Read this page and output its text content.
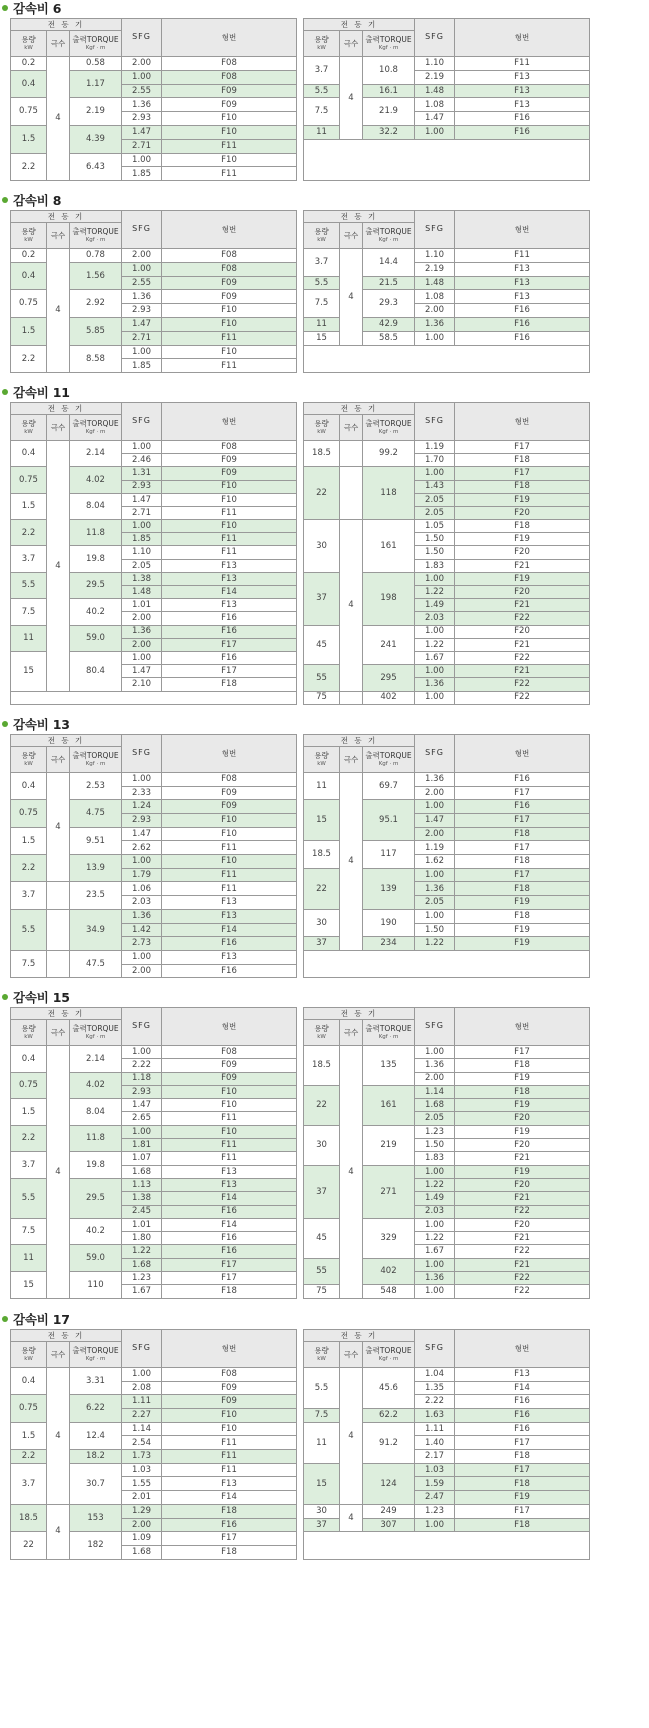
감속비 6
전 동 기			SFG	형번
용량
kW	극수	출력TORQUE
Kgf · m		

0.2	4	0.58	2.00	F08
0.4		1.17	1.00	F08
			2.55	F09
0.75		2.19	1.36	F09
			2.93	F10
1.5		4.39	1.47	F10
			2.71	F11
2.2		6.43	1.00	F10
			1.85	F11
전 동 기			SFG	형번
용량
kW	극수	출력TORQUE
Kgf · m		

3.7	4	10.8	1.10	F11
			2.19	F13
5.5		16.1	1.48	F13
7.5		21.9	1.08	F13
			1.47	F16
11		32.2	1.00	F16

감속비 8
전 동 기			SFG	형번
용량
kW	극수	출력TORQUE
Kgf · m		

0.2	4	0.78	2.00	F08
0.4		1.56	1.00	F08
			2.55	F09
0.75		2.92	1.36	F09
			2.93	F10
1.5		5.85	1.47	F10
			2.71	F11
2.2		8.58	1.00	F10
			1.85	F11
전 동 기			SFG	형번
용량
kW	극수	출력TORQUE
Kgf · m		

3.7	4	14.4	1.10	F11
			2.19	F13
5.5		21.5	1.48	F13
7.5		29.3	1.08	F13
			2.00	F16
11		42.9	1.36	F16
15		58.5	1.00	F16

감속비 11
전 동 기			SFG	형번
용량
kW	극수	출력TORQUE
Kgf · m		

0.4	4	2.14	1.00	F08
			2.46	F09
0.75		4.02	1.31	F09
			2.93	F10
1.5		8.04	1.47	F10
			2.71	F11
2.2		11.8	1.00	F10
			1.85	F11
3.7		19.8	1.10	F11
			2.05	F13
5.5		29.5	1.38	F13
			1.48	F14
7.5		40.2	1.01	F13
			2.00	F16
11		59.0	1.36	F16
			2.00	F17
15		80.4	1.00	F16
			1.47	F17
			2.10	F18

전 동 기			SFG	형번
용량
kW	극수	출력TORQUE
Kgf · m		

18.5		99.2	1.19	F17
			1.70	F18
22		118	1.00	F17
			1.43	F18
			2.05	F19
			2.05	F20
30	4	161	1.05	F18
			1.50	F19
			1.50	F20
			1.83	F21
37		198	1.00	F19
			1.22	F20
			1.49	F21
			2.03	F22
45		241	1.00	F20
			1.22	F21
			1.67	F22
55		295	1.00	F21
			1.36	F22
75		402	1.00	F22
감속비 13
전 동 기			SFG	형번
용량
kW	극수	출력TORQUE
Kgf · m		

0.4	4	2.53	1.00	F08
			2.33	F09
0.75		4.75	1.24	F09
			2.93	F10
1.5		9.51	1.47	F10
			2.62	F11
2.2		13.9	1.00	F10
			1.79	F11
3.7		23.5	1.06	F11
			2.03	F13
5.5		34.9	1.36	F13
			1.42	F14
			2.73	F16
7.5		47.5	1.00	F13
			2.00	F16
전 동 기			SFG	형번
용량
kW	극수	출력TORQUE
Kgf · m		

11	4	69.7	1.36	F16
			2.00	F17
15		95.1	1.00	F16
			1.47	F17
			2.00	F18
18.5		117	1.19	F17
			1.62	F18
22		139	1.00	F17
			1.36	F18
			2.05	F19
30		190	1.00	F18
			1.50	F19
37		234	1.22	F19

감속비 15
전 동 기			SFG	형번
용량
kW	극수	출력TORQUE
Kgf · m		

0.4	4	2.14	1.00	F08
			2.22	F09
0.75		4.02	1.18	F09
			2.93	F10
1.5		8.04	1.47	F10
			2.65	F11
2.2		11.8	1.00	F10
			1.81	F11
3.7		19.8	1.07	F11
			1.68	F13
5.5		29.5	1.13	F13
			1.38	F14
			2.45	F16
7.5		40.2	1.01	F14
			1.80	F16
11		59.0	1.22	F16
			1.68	F17
15		110	1.23	F17
			1.67	F18
전 동 기			SFG	형번
용량
kW	극수	출력TORQUE
Kgf · m		

18.5	4	135	1.00	F17
			1.36	F18
			2.00	F19
22		161	1.14	F18
			1.68	F19
			2.05	F20
30		219	1.23	F19
			1.50	F20
			1.83	F21
37		271	1.00	F19
			1.22	F20
			1.49	F21
			2.03	F22
45		329	1.00	F20
			1.22	F21
			1.67	F22
55		402	1.00	F21
			1.36	F22
75		548	1.00	F22
감속비 17
전 동 기			SFG	형번
용량
kW	극수	출력TORQUE
Kgf · m		

0.4	4	3.31	1.00	F08
			2.08	F09
0.75		6.22	1.11	F09
			2.27	F10
1.5		12.4	1.14	F10
			2.54	F11
2.2		18.2	1.73	F11
3.7		30.7	1.03	F11
			1.55	F13
			2.01	F14
18.5	4	153	1.29	F18
			2.00	F16
22		182	1.09	F17
			1.68	F18
전 동 기			SFG	형번
용량
kW	극수	출력TORQUE
Kgf · m		

5.5	4	45.6	1.04	F13
			1.35	F14
			2.22	F16
7.5		62.2	1.63	F16
11		91.2	1.11	F16
			1.40	F17
			2.17	F18
15		124	1.03	F17
			1.59	F18
			2.47	F19
30	4	249	1.23	F17
37		307	1.00	F18
